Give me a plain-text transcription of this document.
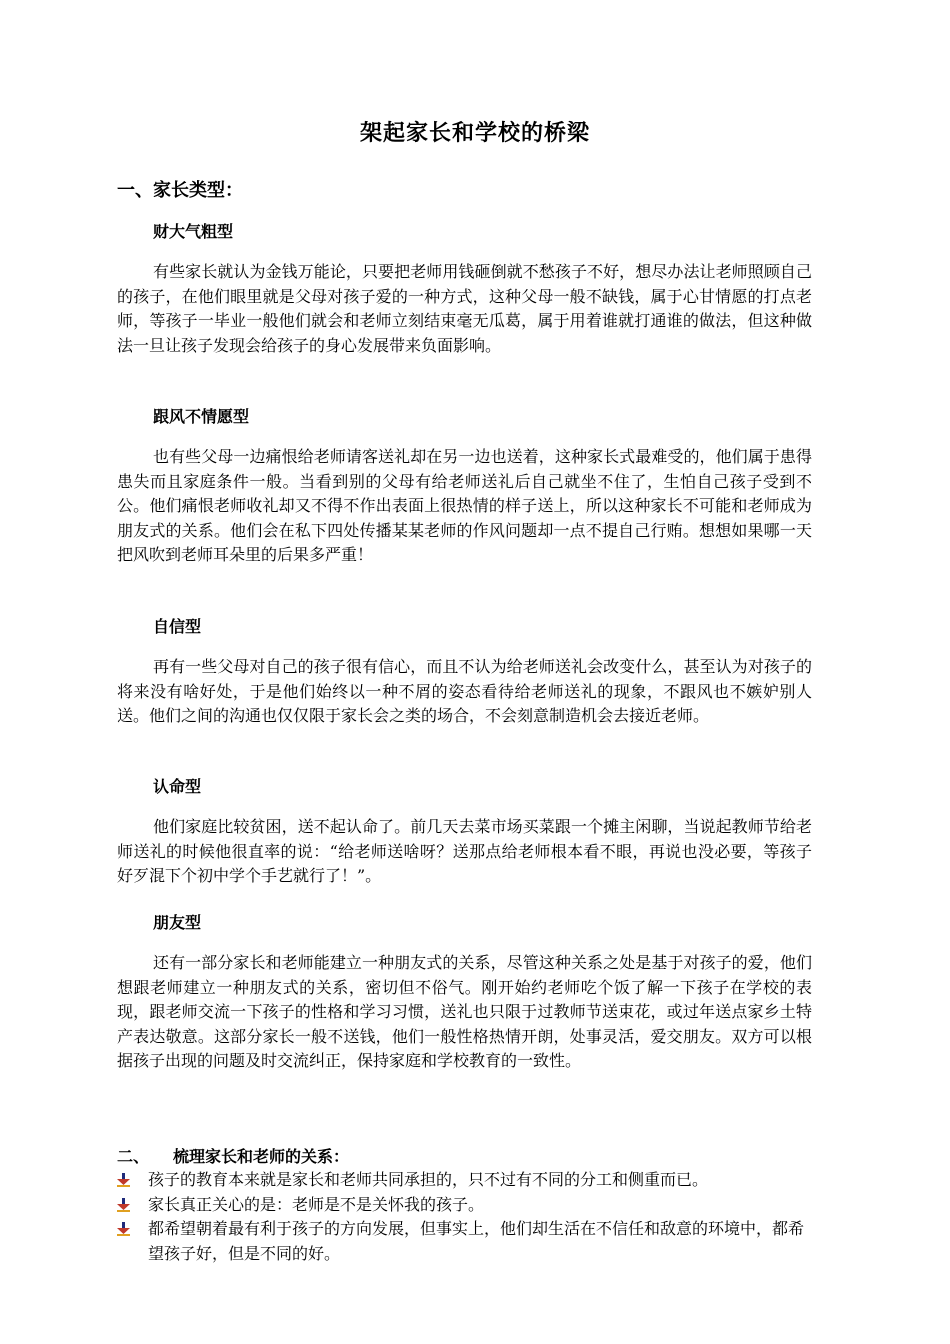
架起家长和学校的桥梁
一、家长类型：
财大气粗型
有些家长就认为金钱万能论，只要把老师用钱砸倒就不愁孩子不好，想尽办法让老师照顾自己的孩子，在他们眼里就是父母对孩子爱的一种方式，这种父母一般不缺钱，属于心甘情愿的打点老师，等孩子一毕业一般他们就会和老师立刻结束毫无瓜葛，属于用着谁就打通谁的做法，但这种做法一旦让孩子发现会给孩子的身心发展带来负面影响。
跟风不情愿型
也有些父母一边痛恨给老师请客送礼却在另一边也送着，这种家长式最难受的，他们属于患得患失而且家庭条件一般。当看到别的父母有给老师送礼后自己就坐不住了，生怕自己孩子受到不公。他们痛恨老师收礼却又不得不作出表面上很热情的样子送上，所以这种家长不可能和老师成为朋友式的关系。他们会在私下四处传播某某老师的作风问题却一点不提自己行贿。想想如果哪一天把风吹到老师耳朵里的后果多严重！
自信型
再有一些父母对自己的孩子很有信心，而且不认为给老师送礼会改变什么，甚至认为对孩子的将来没有啥好处，于是他们始终以一种不屑的姿态看待给老师送礼的现象，不跟风也不嫉妒别人送。他们之间的沟通也仅仅限于家长会之类的场合，不会刻意制造机会去接近老师。
认命型
他们家庭比较贫困，送不起认命了。前几天去菜市场买菜跟一个摊主闲聊，当说起教师节给老师送礼的时候他很直率的说：“给老师送啥呀？送那点给老师根本看不眼，再说也没必要，等孩子好歹混下个初中学个手艺就行了！”。
朋友型
还有一部分家长和老师能建立一种朋友式的关系，尽管这种关系之处是基于对孩子的爱，他们想跟老师建立一种朋友式的关系，密切但不俗气。刚开始约老师吃个饭了解一下孩子在学校的表现，跟老师交流一下孩子的性格和学习习惯，送礼也只限于过教师节送束花，或过年送点家乡土特产表达敬意。这部分家长一般不送钱，他们一般性格热情开朗，处事灵活，爱交朋友。双方可以根据孩子出现的问题及时交流纠正，保持家庭和学校教育的一致性。
二、 梳理家长和老师的关系：
孩子的教育本来就是家长和老师共同承担的，只不过有不同的分工和侧重而已。
家长真正关心的是：老师是不是关怀我的孩子。
都希望朝着最有利于孩子的方向发展，但事实上，他们却生活在不信任和敌意的环境中，都希望孩子好，但是不同的好。
